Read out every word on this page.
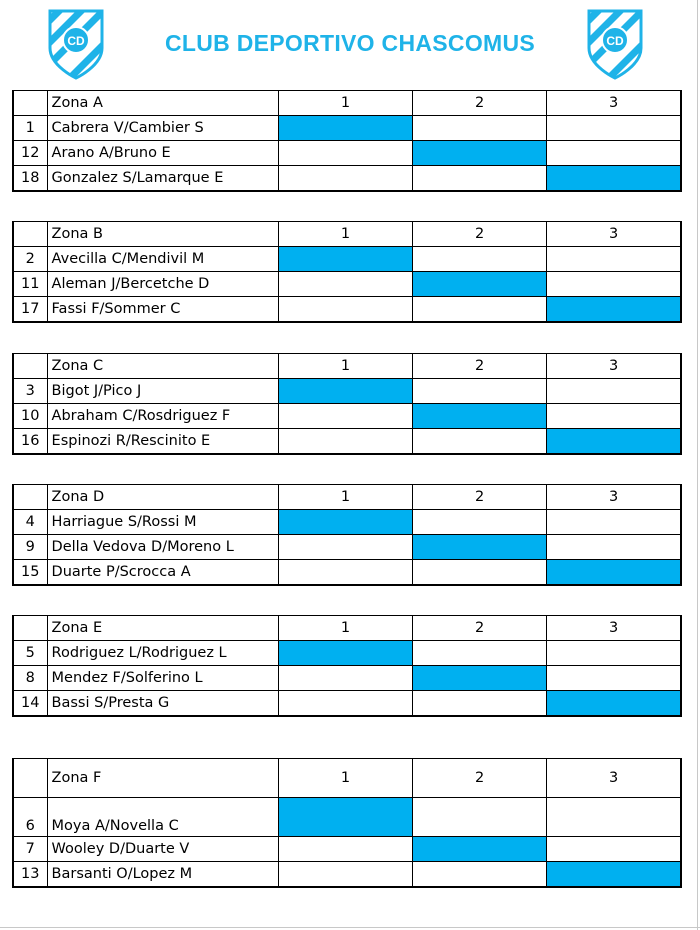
CD	CD
CLUB DEPORTIVO CHASCOMUS
	Zona A	1	2	3
1	Cabrera V/Cambier S			
12	Arano A/Bruno E			
18	Gonzalez S/Lamarque E			
	Zona B	1	2	3
2	Avecilla C/Mendivil M			
11	Aleman J/Bercetche D			
17	Fassi F/Sommer C			
	Zona C	1	2	3
3	Bigot J/Pico J			
10	Abraham C/Rosdriguez F			
16	Espinozi R/Rescinito E			
	Zona D	1	2	3
4	Harriague S/Rossi M			
9	Della Vedova D/Moreno L			
15	Duarte P/Scrocca A			
	Zona E	1	2	3
5	Rodriguez L/Rodriguez L			
8	Mendez F/Solferino L			
14	Bassi S/Presta G			
	Zona F	1	2	3
6	Moya A/Novella C			
7	Wooley D/Duarte V			
13	Barsanti O/Lopez M			
